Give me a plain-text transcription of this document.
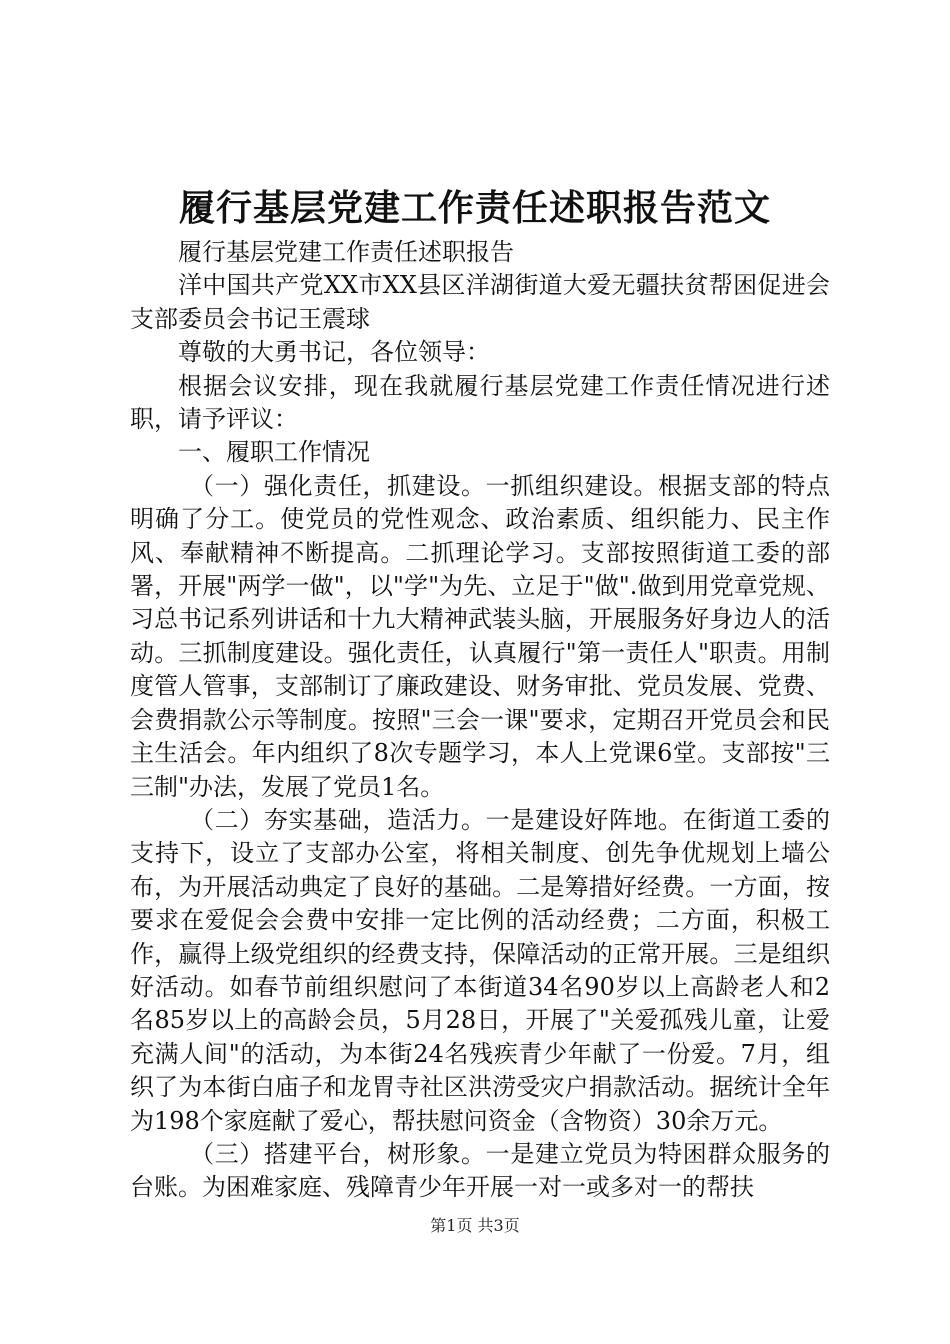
履行基层党建工作责任述职报告范文

履行基层党建工作责任述职报告

洋中国共产党XX市XX县区洋湖街道大爱无疆扶贫帮困促进会支部委员会书记王震球

尊敬的大勇书记，各位领导：

根据会议安排，现在我就履行基层党建工作责任情况进行述职，请予评议：

一、履职工作情况

（一）强化责任，抓建设。一抓组织建设。根据支部的特点明确了分工。使党员的党性观念、政治素质、组织能力、民主作风、奉献精神不断提高。二抓理论学习。支部按照街道工委的部署，开展"两学一做"，以"学"为先、立足于"做".做到用党章党规、习总书记系列讲话和十九大精神武装头脑，开展服务好身边人的活动。三抓制度建设。强化责任，认真履行"第一责任人"职责。用制度管人管事，支部制订了廉政建设、财务审批、党员发展、党费、会费捐款公示等制度。按照"三会一课"要求，定期召开党员会和民主生活会。年内组织了8次专题学习，本人上党课6堂。支部按"三三制"办法，发展了党员1名。

（二）夯实基础，造活力。一是建设好阵地。在街道工委的支持下，设立了支部办公室，将相关制度、创先争优规划上墙公布，为开展活动典定了良好的基础。二是筹措好经费。一方面，按要求在爱促会会费中安排一定比例的活动经费；二方面，积极工作，赢得上级党组织的经费支持，保障活动的正常开展。三是组织好活动。如春节前组织慰问了本街道34名90岁以上高龄老人和2名85岁以上的高龄会员，5月28日，开展了"关爱孤残儿童，让爱充满人间"的活动，为本街24名残疾青少年献了一份爱。7月，组织了为本街白庙子和龙胃寺社区洪涝受灾户捐款活动。据统计全年为198个家庭献了爱心，帮扶慰问资金（含物资）30余万元。

（三）搭建平台，树形象。一是建立党员为特困群众服务的台账。为困难家庭、残障青少年开展一对一或多对一的帮扶

第1页 共3页
